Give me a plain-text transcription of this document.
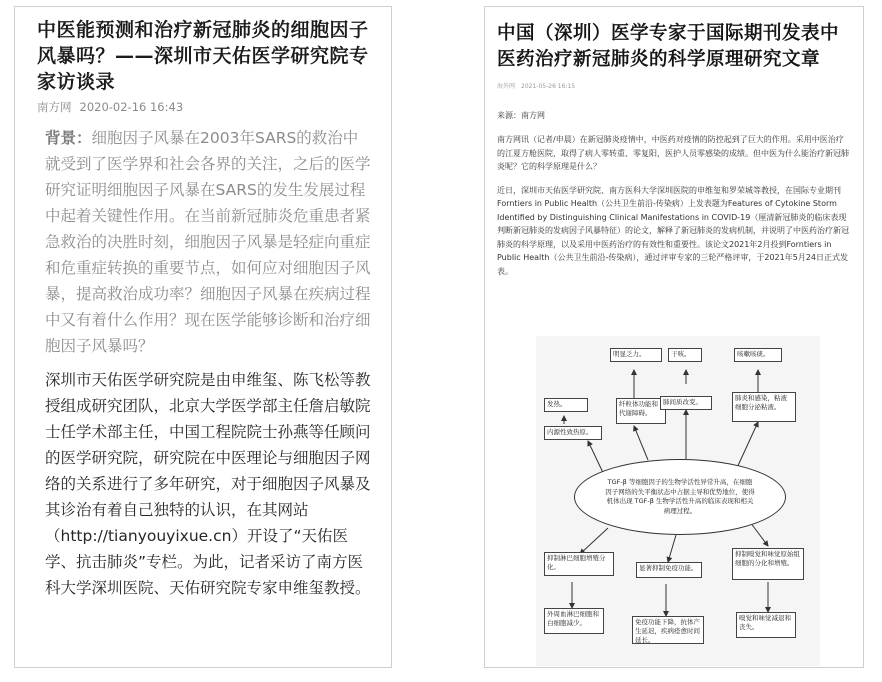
中医能预测和治疗新冠肺炎的细胞因子风暴吗？——深圳市天佑医学研究院专家访谈录
南方网 2020-02-16 16:43

背景：细胞因子风暴在2003年SARS的救治中就受到了医学界和社会各界的关注，之后的医学研究证明细胞因子风暴在SARS的发生发展过程中起着关键性作用。在当前新冠肺炎危重患者紧急救治的决胜时刻，细胞因子风暴是轻症向重症和危重症转换的重要节点，如何应对细胞因子风暴，提高救治成功率？细胞因子风暴在疾病过程中又有着什么作用？现在医学能够诊断和治疗细胞因子风暴吗？

深圳市天佑医学研究院是由申维玺、陈飞松等教授组成研究团队，北京大学医学部主任詹启敏院士任学术部主任，中国工程院院士孙燕等任顾问的医学研究院，研究院在中医理论与细胞因子网络的关系进行了多年研究，对于细胞因子风暴及其诊治有着自己独特的认识，在其网站（http://tianyouyixue.cn）开设了“天佑医学、抗击肺炎”专栏。为此，记者采访了南方医科大学深圳医院、天佑研究院专家申维玺教授。

中国（深圳）医学专家于国际期刊发表中医药治疗新冠肺炎的科学原理研究文章
海外网 2021-05-26 16:15

来源：南方网

南方网讯（记者/申晨）在新冠肺炎疫情中，中医药对疫情的防控起到了巨大的作用。采用中医治疗的江夏方舱医院，取得了病人零转重、零复阳，医护人员零感染的成绩。但中医为什么能治疗新冠肺炎呢？它的科学原理是什么？

近日，深圳市天佑医学研究院、南方医科大学深圳医院的申维玺和罗荣城等教授，在国际专业期刊Forntiers in Public Health（公共卫生前沿-传染病）上发表题为Features of Cytokine Storm Identified by Distinguishing Clinical Manifestations in COVID-19（厘清新冠肺炎的临床表现判断新冠肺炎的发病因子风暴特征）的论文，解释了新冠肺炎的发病机制，并说明了中医药治疗新冠肺炎的科学原理，以及采用中医药治疗的有效性和重要性。该论文2021年2月投到Forntiers in Public Health（公共卫生前沿-传染病），通过评审专家的三轮严格评审，于2021年5月24日正式发表。

明显乏力。	干咳。	咳嗽咳痰。
发热。	纤粒体功能和代谢障碍。
肺间质改变。	肺炎和感染，粘液细胞分泌粘液。
内源性致热原。
TGF-β 等细胞因子的生物学活性异常升高，在细胞因子网络的失平衡状态中占据主导和优势地位，使得机体出现 TGF-β 生物学活性升高的临床表现和相关病理过程。
抑制淋巴细胞增殖分化。	显著抑制免疫功能。
抑制嗅觉和味觉原始组细胞的分化和增殖。
外周血淋巴细胞和白细胞减少。	免疫功能下降，抗体产生延迟，疾病痊愈时间延长。
嗅觉和味觉减退和丧失。
